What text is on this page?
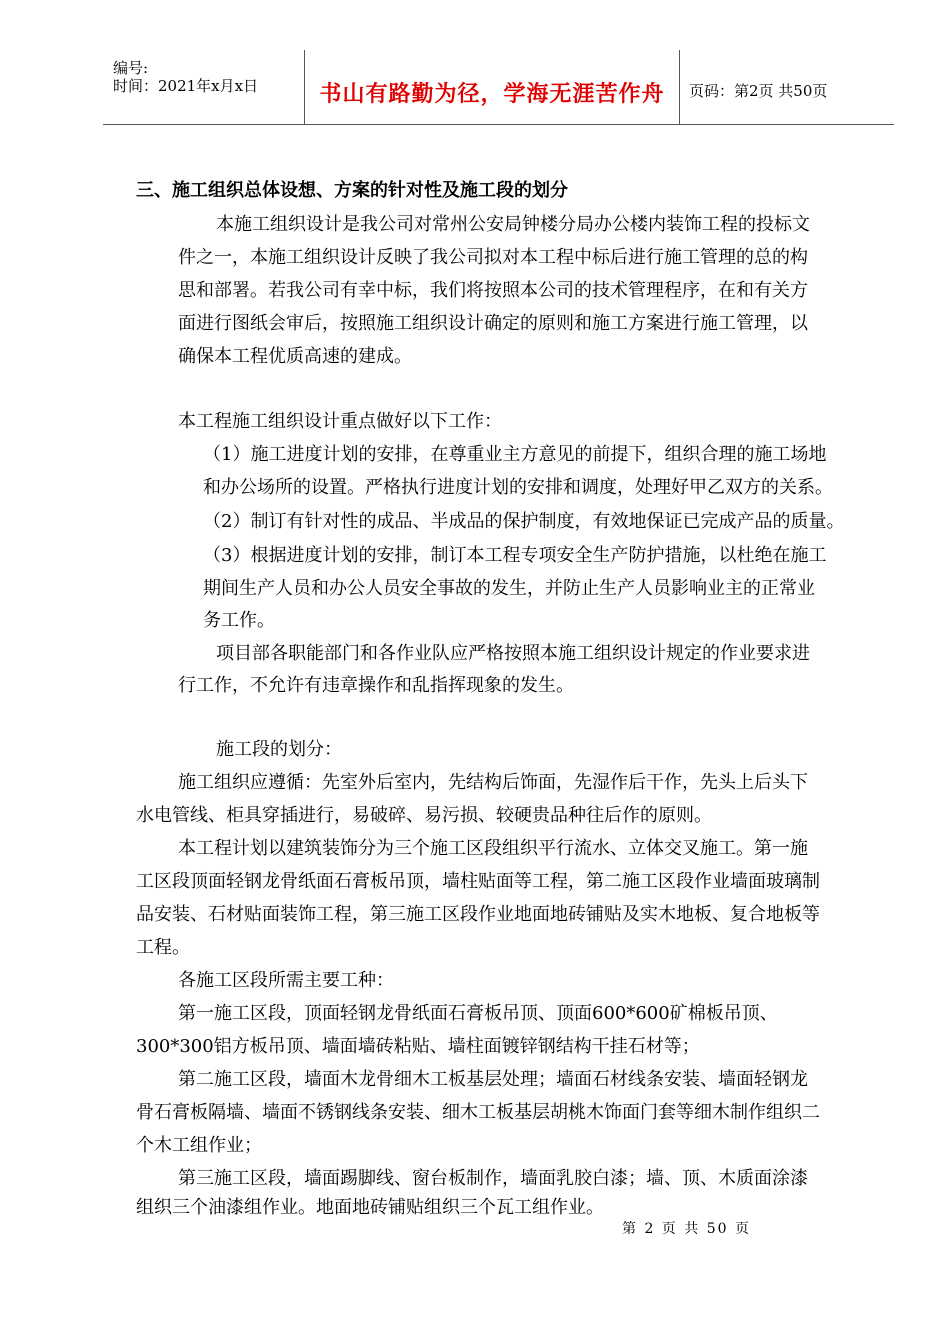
编号:
时间：2021年x月x日	书山有路勤为径，学海无涯苦作舟	页码：第2页 共50页
三、施工组织总体设想、方案的针对性及施工段的划分
本施工组织设计是我公司对常州公安局钟楼分局办公楼内装饰工程的投标文
件之一，本施工组织设计反映了我公司拟对本工程中标后进行施工管理的总的构
思和部署。若我公司有幸中标，我们将按照本公司的技术管理程序，在和有关方
面进行图纸会审后，按照施工组织设计确定的原则和施工方案进行施工管理，以
确保本工程优质高速的建成。
本工程施工组织设计重点做好以下工作：
（1）施工进度计划的安排，在尊重业主方意见的前提下，组织合理的施工场地
和办公场所的设置。严格执行进度计划的安排和调度，处理好甲乙双方的关系。
（2）制订有针对性的成品、半成品的保护制度，有效地保证已完成产品的质量。
（3）根据进度计划的安排，制订本工程专项安全生产防护措施，以杜绝在施工
期间生产人员和办公人员安全事故的发生，并防止生产人员影响业主的正常业
务工作。
项目部各职能部门和各作业队应严格按照本施工组织设计规定的作业要求进
行工作，不允许有违章操作和乱指挥现象的发生。
施工段的划分：
施工组织应遵循：先室外后室内，先结构后饰面，先湿作后干作，先头上后头下
水电管线、柜具穿插进行，易破碎、易污损、较硬贵品种往后作的原则。
本工程计划以建筑装饰分为三个施工区段组织平行流水、立体交叉施工。第一施
工区段顶面轻钢龙骨纸面石膏板吊顶，墙柱贴面等工程，第二施工区段作业墙面玻璃制
品安装、石材贴面装饰工程，第三施工区段作业地面地砖铺贴及实木地板、复合地板等
工程。
各施工区段所需主要工种：
第一施工区段，顶面轻钢龙骨纸面石膏板吊顶、顶面600*600矿棉板吊顶、
300*300铝方板吊顶、墙面墙砖粘贴、墙柱面镀锌钢结构干挂石材等；
第二施工区段，墙面木龙骨细木工板基层处理；墙面石材线条安装、墙面轻钢龙
骨石膏板隔墙、墙面不锈钢线条安装、细木工板基层胡桃木饰面门套等细木制作组织二
个木工组作业；
第三施工区段，墙面踢脚线、窗台板制作，墙面乳胶白漆；墙、顶、木质面涂漆
组织三个油漆组作业。地面地砖铺贴组织三个瓦工组作业。
第 2 页 共 50 页
